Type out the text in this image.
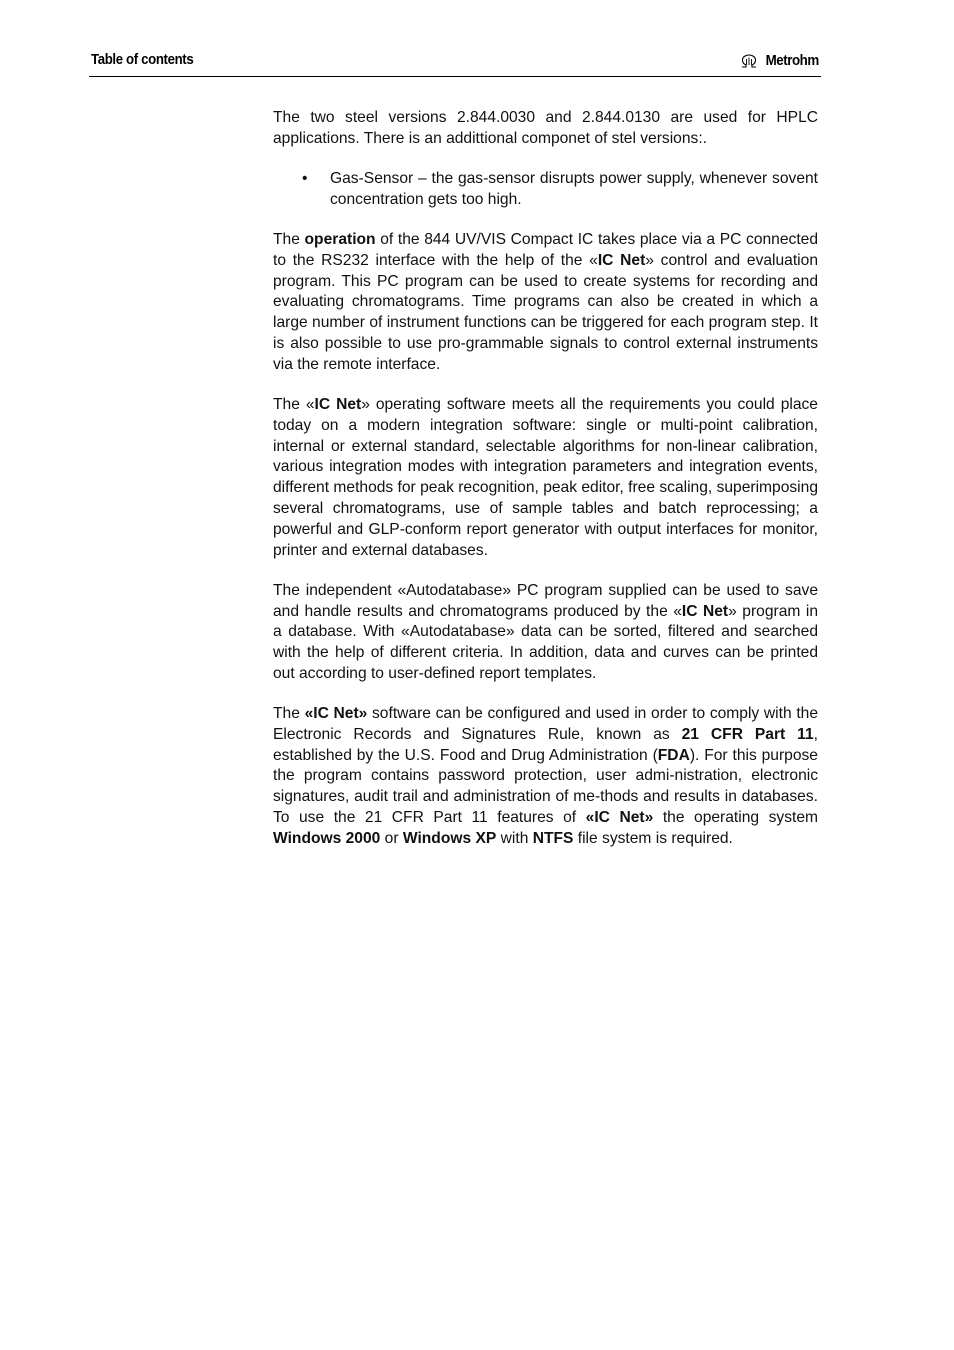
Table of contents	Metrohm

The two steel versions 2.844.0030 and 2.844.0130 are used for HPLC applications. There is an addittional componet of stel versions:.

• Gas-Sensor – the gas-sensor disrupts power supply, whenever sovent concentration gets too high.

The operation of the 844 UV/VIS Compact IC takes place via a PC connected to the RS232 interface with the help of the «IC Net» control and evaluation program. This PC program can be used to create systems for recording and evaluating chromatograms. Time programs can also be created in which a large number of instrument functions can be triggered for each program step. It is also possible to use pro-grammable signals to control external instruments via the remote interface.

The «IC Net» operating software meets all the requirements you could place today on a modern integration software: single or multi-point calibration, internal or external standard, selectable algorithms for non-linear calibration, various integration modes with integration parameters and integration events, different methods for peak recognition, peak editor, free scaling, superimposing several chromatograms, use of sample tables and batch reprocessing; a powerful and GLP-conform report generator with output interfaces for monitor, printer and external databases.

The independent «Autodatabase» PC program supplied can be used to save and handle results and chromatograms produced by the «IC Net» program in a database. With «Autodatabase» data can be sorted, filtered and searched with the help of different criteria. In addition, data and curves can be printed out according to user-defined report templates.

The «IC Net» software can be configured and used in order to comply with the Electronic Records and Signatures Rule, known as 21 CFR Part 11, established by the U.S. Food and Drug Administration (FDA). For this purpose the program contains password protection, user admi-nistration, electronic signatures, audit trail and administration of me-thods and results in databases. To use the 21 CFR Part 11 features of «IC Net» the operating system Windows 2000 or Windows XP with NTFS file system is required.
